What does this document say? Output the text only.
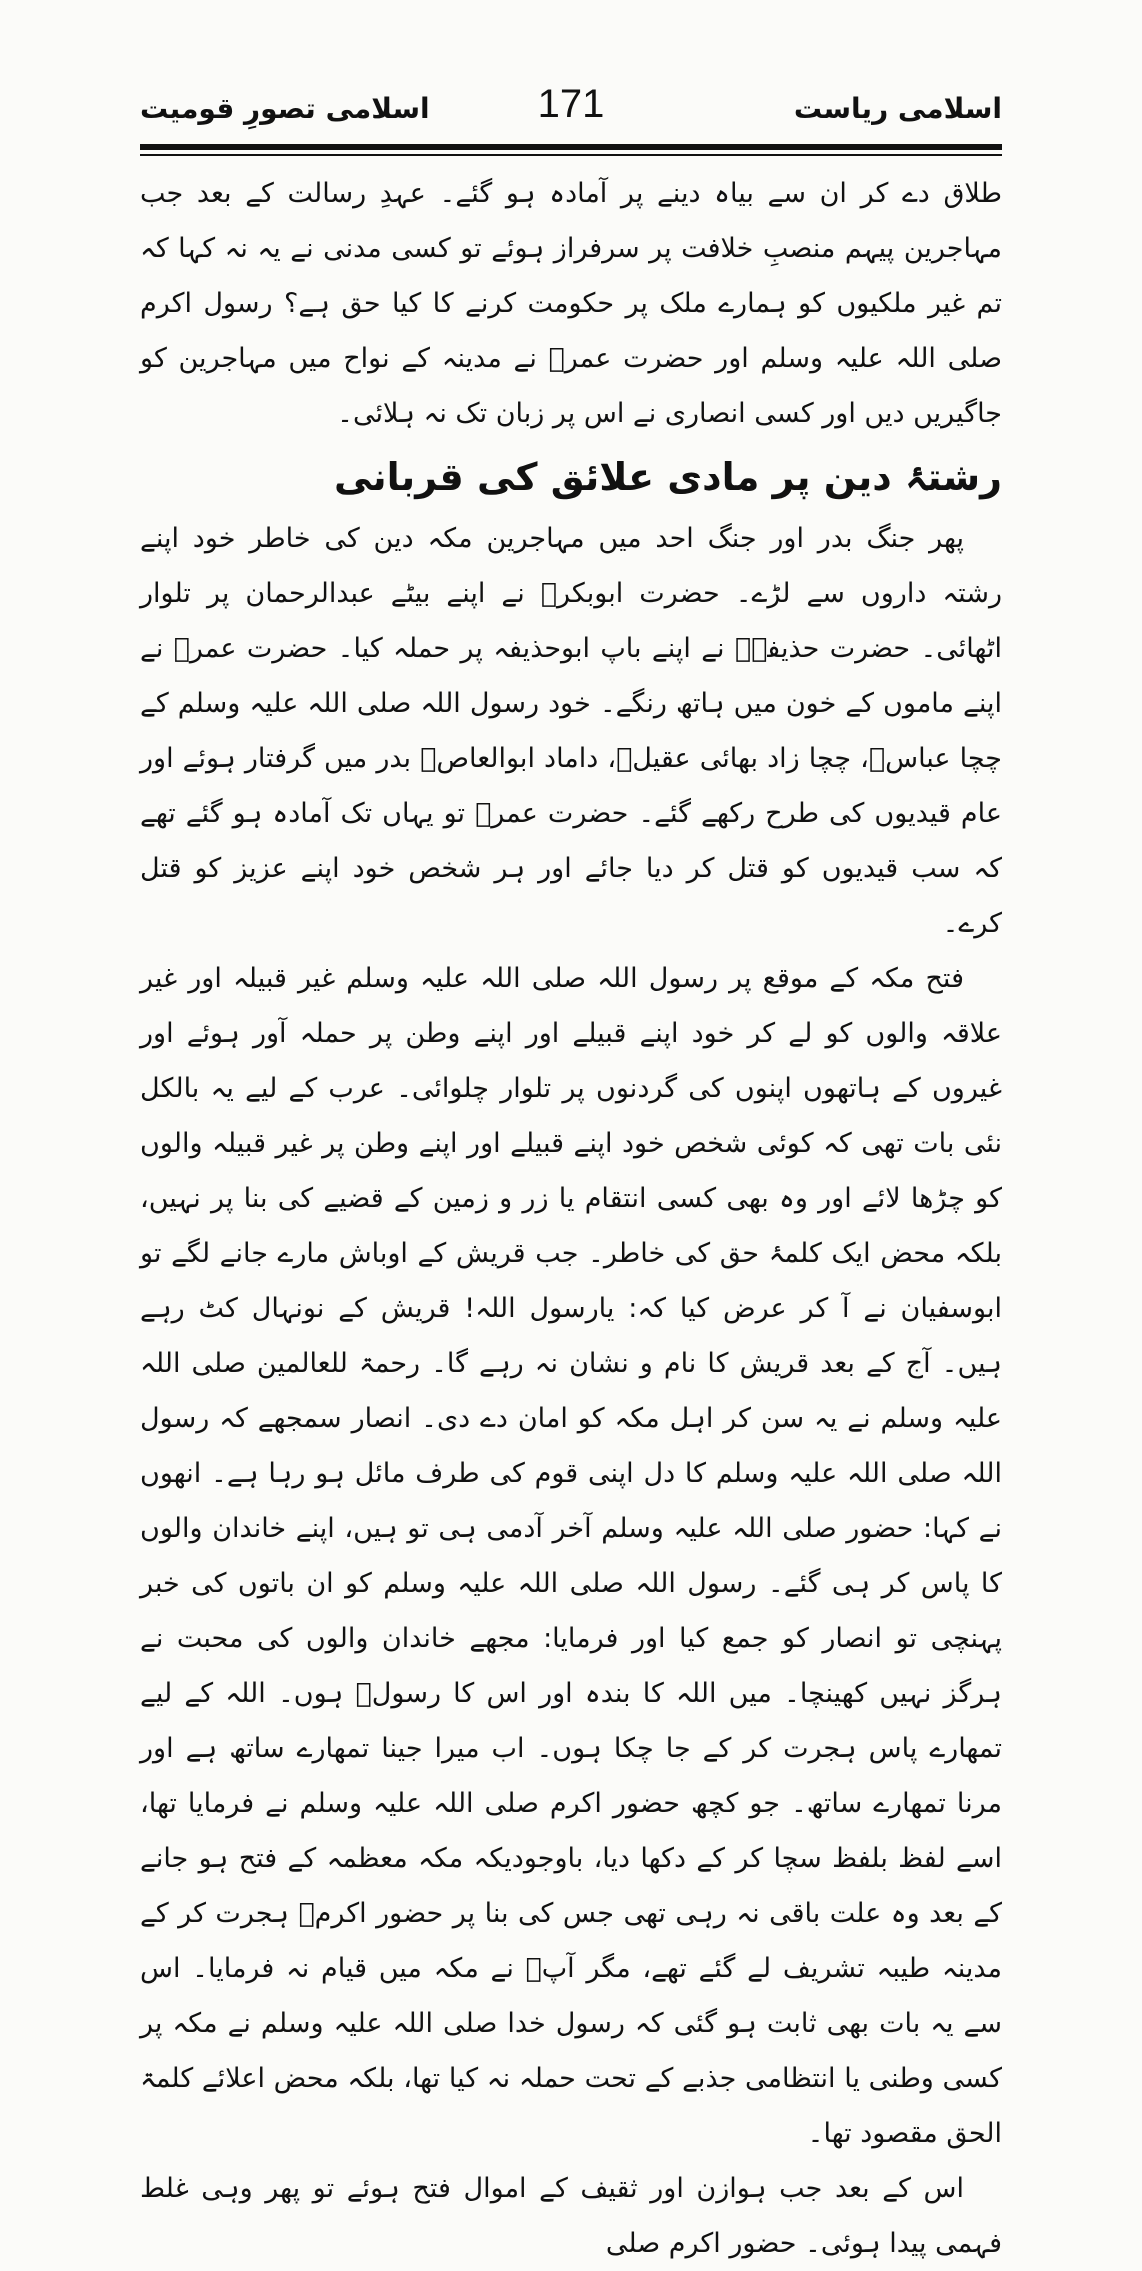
اسلامی تصورِ قومیت	171	اسلامی ریاست

طلاق دے کر ان سے بیاہ دینے پر آمادہ ہو گئے۔ عہدِ رسالت کے بعد جب مہاجرین پیہم منصبِ خلافت پر سرفراز ہوئے تو کسی مدنی نے یہ نہ کہا کہ تم غیر ملکیوں کو ہمارے ملک پر حکومت کرنے کا کیا حق ہے؟ رسول اکرم صلی اللہ علیہ وسلم اور حضرت عمرؓ نے مدینہ کے نواح میں مہاجرین کو جاگیریں دیں اور کسی انصاری نے اس پر زبان تک نہ ہلائی۔

رشتۂ دین پر مادی علائق کی قربانی

پھر جنگ بدر اور جنگ احد میں مہاجرین مکہ دین کی خاطر خود اپنے رشتہ داروں سے لڑے۔ حضرت ابوبکرؓ نے اپنے بیٹے عبدالرحمان پر تلوار اٹھائی۔ حضرت حذیفہؓ نے اپنے باپ ابوحذیفہ پر حملہ کیا۔ حضرت عمرؓ نے اپنے ماموں کے خون میں ہاتھ رنگے۔ خود رسول اللہ صلی اللہ علیہ وسلم کے چچا عباسؓ، چچا زاد بھائی عقیلؓ، داماد ابوالعاصؓ بدر میں گرفتار ہوئے اور عام قیدیوں کی طرح رکھے گئے۔ حضرت عمرؓ تو یہاں تک آمادہ ہو گئے تھے کہ سب قیدیوں کو قتل کر دیا جائے اور ہر شخص خود اپنے عزیز کو قتل کرے۔

فتح مکہ کے موقع پر رسول اللہ صلی اللہ علیہ وسلم غیر قبیلہ اور غیر علاقہ والوں کو لے کر خود اپنے قبیلے اور اپنے وطن پر حملہ آور ہوئے اور غیروں کے ہاتھوں اپنوں کی گردنوں پر تلوار چلوائی۔ عرب کے لیے یہ بالکل نئی بات تھی کہ کوئی شخص خود اپنے قبیلے اور اپنے وطن پر غیر قبیلہ والوں کو چڑھا لائے اور وہ بھی کسی انتقام یا زر و زمین کے قضیے کی بنا پر نہیں، بلکہ محض ایک کلمۂ حق کی خاطر۔ جب قریش کے اوباش مارے جانے لگے تو ابوسفیان نے آ کر عرض کیا کہ: یارسول اللہ! قریش کے نونہال کٹ رہے ہیں۔ آج کے بعد قریش کا نام و نشان نہ رہے گا۔ رحمۃ للعالمین صلی اللہ علیہ وسلم نے یہ سن کر اہل مکہ کو امان دے دی۔ انصار سمجھے کہ رسول اللہ صلی اللہ علیہ وسلم کا دل اپنی قوم کی طرف مائل ہو رہا ہے۔ انھوں نے کہا: حضور صلی اللہ علیہ وسلم آخر آدمی ہی تو ہیں، اپنے خاندان والوں کا پاس کر ہی گئے۔ رسول اللہ صلی اللہ علیہ وسلم کو ان باتوں کی خبر پہنچی تو انصار کو جمع کیا اور فرمایا: مجھے خاندان والوں کی محبت نے ہرگز نہیں کھینچا۔ میں اللہ کا بندہ اور اس کا رسولؐ ہوں۔ اللہ کے لیے تمھارے پاس ہجرت کر کے جا چکا ہوں۔ اب میرا جینا تمھارے ساتھ ہے اور مرنا تمھارے ساتھ۔ جو کچھ حضور اکرم صلی اللہ علیہ وسلم نے فرمایا تھا، اسے لفظ بلفظ سچا کر کے دکھا دیا، باوجودیکہ مکہ معظمہ کے فتح ہو جانے کے بعد وہ علت باقی نہ رہی تھی جس کی بنا پر حضور اکرمؐ ہجرت کر کے مدینہ طیبہ تشریف لے گئے تھے، مگر آپؐ نے مکہ میں قیام نہ فرمایا۔ اس سے یہ بات بھی ثابت ہو گئی کہ رسول خدا صلی اللہ علیہ وسلم نے مکہ پر کسی وطنی یا انتظامی جذبے کے تحت حملہ نہ کیا تھا، بلکہ محض اعلائے کلمۃ الحق مقصود تھا۔

اس کے بعد جب ہوازن اور ثقیف کے اموال فتح ہوئے تو پھر وہی غلط فہمی پیدا ہوئی۔ حضور اکرم صلی
